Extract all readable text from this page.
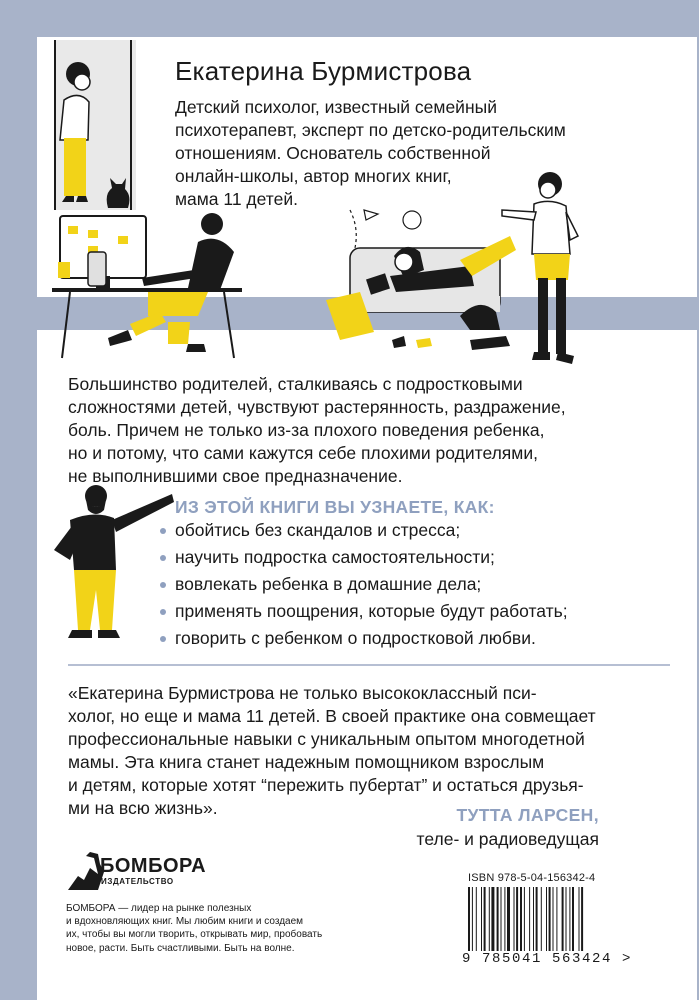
Екатерина Бурмистрова
Детский психолог, известный семейный
психотерапевт, эксперт по детско-родительским
отношениям. Основатель собственной
онлайн-школы, автор многих книг,
мама 11 детей.
Большинство родителей, сталкиваясь с подростковыми
сложностями детей, чувствуют растерянность, раздражение,
боль. Причем не только из-за плохого поведения ребенка,
но и потому, что сами кажутся себе плохими родителями,
не выполнившими свое предназначение.
ИЗ ЭТОЙ КНИГИ ВЫ УЗНАЕТЕ, КАК:
обойтись без скандалов и стресса;
научить подростка самостоятельности;
вовлекать ребенка в домашние дела;
применять поощрения, которые будут работать;
говорить с ребенком о подростковой любви.
«Екатерина Бурмистрова не только высококлассный пси-
холог, но еще и мама 11 детей. В своей практике она совмещает
профессиональные навыки с уникальным опытом многодетной
мамы. Эта книга станет надежным помощником взрослым
и детям, которые хотят “пережить пубертат” и остаться друзья-
ми на всю жизнь».	ТУТТА ЛАРСЕН,
теле- и радиоведущая
БОМБОРА
ИЗДАТЕЛЬСТВО
БОМБОРА — лидер на рынке полезных
и вдохновляющих книг. Мы любим книги и создаем
их, чтобы вы могли творить, открывать мир, пробовать
новое, расти. Быть счастливыми. Быть на волне.
ISBN 978-5-04-156342-4
9 785041 563424 >
